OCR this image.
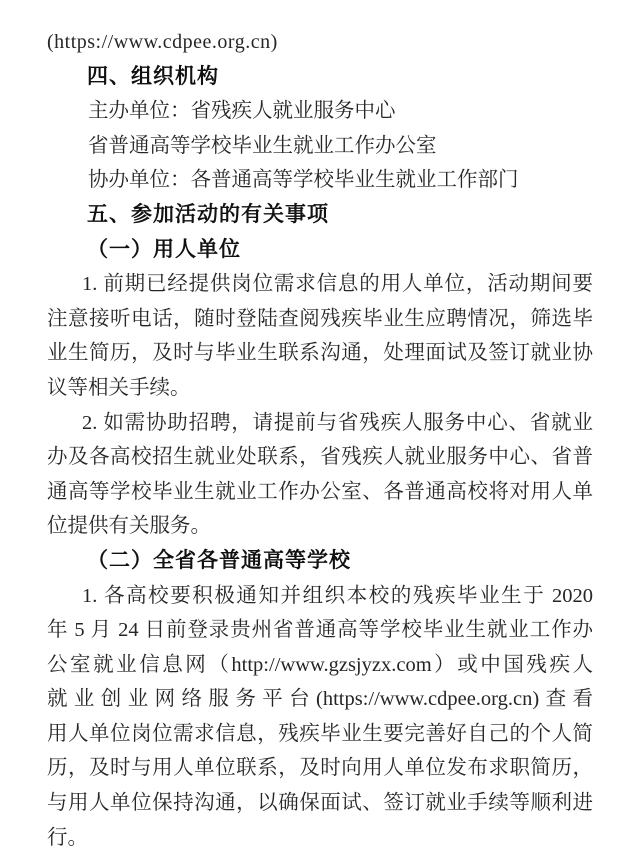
(https://www.cdpee.org.cn)
四、组织机构
主办单位：省残疾人就业服务中心
省普通高等学校毕业生就业工作办公室
协办单位：各普通高等学校毕业生就业工作部门
五、参加活动的有关事项
（一）用人单位
1. 前期已经提供岗位需求信息的用人单位，活动期间要
注意接听电话，随时登陆查阅残疾毕业生应聘情况，筛选毕
业生简历，及时与毕业生联系沟通，处理面试及签订就业协
议等相关手续。
2. 如需协助招聘，请提前与省残疾人服务中心、省就业
办及各高校招生就业处联系，省残疾人就业服务中心、省普
通高等学校毕业生就业工作办公室、各普通高校将对用人单
位提供有关服务。
（二）全省各普通高等学校
1. 各高校要积极通知并组织本校的残疾毕业生于 2020
年 5 月 24 日前登录贵州省普通高等学校毕业生就业工作办
公室就业信息网（http://www.gzsjyzx.com）或中国残疾人
就业创业网络服务平台(https://www.cdpee.org.cn)查看
用人单位岗位需求信息，残疾毕业生要完善好自己的个人简
历，及时与用人单位联系，及时向用人单位发布求职简历，
与用人单位保持沟通，以确保面试、签订就业手续等顺利进
行。
